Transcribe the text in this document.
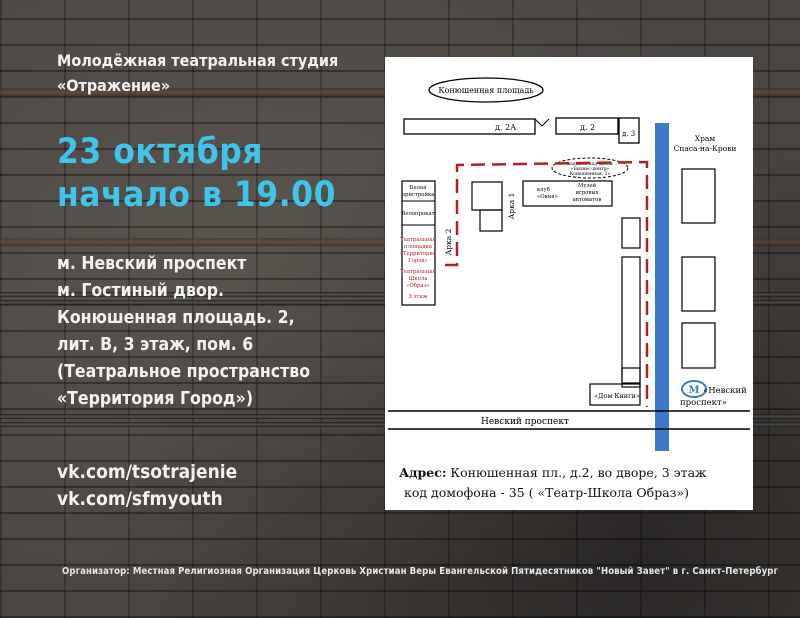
Молодёжная театральная студия
«Отражение»
23 октября
начало в 19.00
м. Невский проспект
м. Гостиный двор.
Конюшенная площадь. 2,
лит. В, 3 этаж, пом. 6
(Театральное пространство
«Территория Город»)
vk.com/tsotrajenie
vk.com/sfmyouth
Организатор: Местная Религиозная Организация Церковь Христиан Веры Евангельской Пятидесятников "Новый Завет" в г. Санкт-Петербург
Конюшенная площадь
д. 2А	д. 2
д. 3	Храм
Спаса-на-Крови
М «Невский
проспект»
Белая
пристройка
Велопрокат
Театральная
площадка
«Территория
Город»
Театральная
Школа
«Образ»
3 этаж
Арка 2
Арка 1
клуб
«Окна»
Музей
игровых
автоматов
«Дом Книги»
надпись над аркой
«Бизнес-центр»
Конюшенная, 2»
Невский проспект
Адрес: Конюшенная пл., д.2, во дворе, 3 этаж
код домофона - 35 ( «Театр-Школа Образ»)
